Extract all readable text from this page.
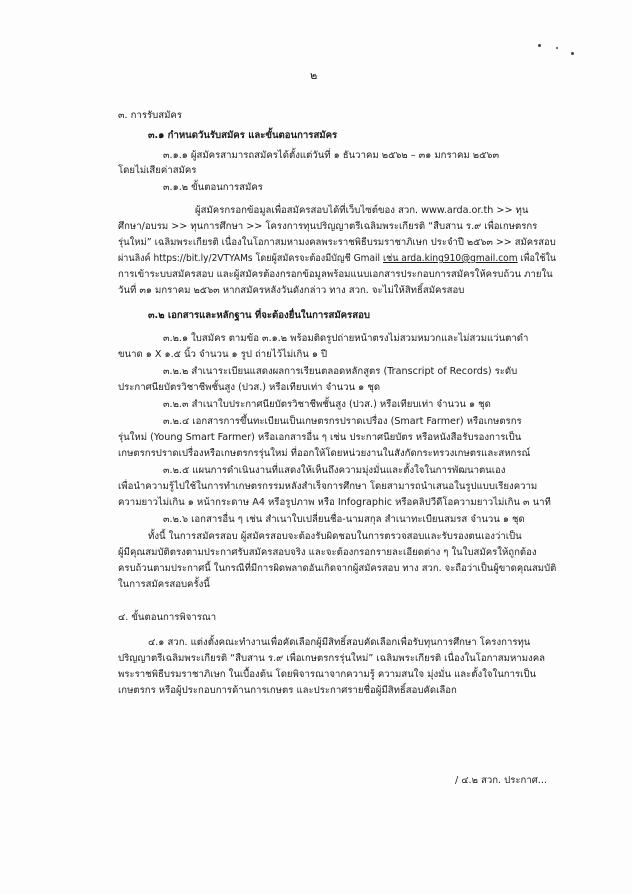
๒
๓. การรับสมัคร
๓.๑ กำหนดวันรับสมัคร และขั้นตอนการสมัคร
๓.๑.๑ ผู้สมัครสามารถสมัครได้ตั้งแต่วันที่ ๑ ธันวาคม ๒๕๖๒ – ๓๑ มกราคม ๒๕๖๓
โดยไม่เสียค่าสมัคร
๓.๑.๒ ขั้นตอนการสมัคร
ผู้สมัครกรอกข้อมูลเพื่อสมัครสอบได้ที่เว็บไซต์ของ สวก. www.arda.or.th >> ทุน
ศึกษา/อบรม >> ทุนการศึกษา >> โครงการทุนปริญญาตรีเฉลิมพระเกียรติ “สืบสาน ร.๙ เพื่อเกษตรกร
รุ่นใหม่” เฉลิมพระเกียรติ เนื่องในโอกาสมหามงคลพระราชพิธีบรมราชาภิเษก ประจำปี ๒๕๖๓ >> สมัครสอบ
ผ่านลิงค์ https://bit.ly/2VTYAMs โดยผู้สมัครจะต้องมีบัญชี Gmail เช่น arda.king910@gmail.com เพื่อใช้ใน
การเข้าระบบสมัครสอบ และผู้สมัครต้องกรอกข้อมูลพร้อมแนบเอกสารประกอบการสมัครให้ครบถ้วน ภายใน
วันที่ ๓๑ มกราคม ๒๕๖๓ หากสมัครหลังวันดังกล่าว ทาง สวก. จะไม่ให้สิทธิ์สมัครสอบ
๓.๒ เอกสารและหลักฐาน ที่จะต้องยื่นในการสมัครสอบ
๓.๒.๑ ใบสมัคร ตามข้อ ๓.๑.๒ พร้อมติดรูปถ่ายหน้าตรงไม่สวมหมวกและไม่สวมแว่นตาดำ
ขนาด ๑ X ๑.๕ นิ้ว จำนวน ๑ รูป ถ่ายไว้ไม่เกิน ๑ ปี
๓.๒.๒ สำเนาระเบียนแสดงผลการเรียนตลอดหลักสูตร (Transcript of Records) ระดับ
ประกาศนียบัตรวิชาชีพชั้นสูง (ปวส.) หรือเทียบเท่า จำนวน ๑ ชุด
๓.๒.๓ สำเนาใบประกาศนียบัตรวิชาชีพชั้นสูง (ปวส.) หรือเทียบเท่า จำนวน ๑ ชุด
๓.๒.๔ เอกสารการขึ้นทะเบียนเป็นเกษตรกรปราดเปรื่อง (Smart Farmer) หรือเกษตรกร
รุ่นใหม่ (Young Smart Farmer) หรือเอกสารอื่น ๆ เช่น ประกาศนียบัตร หรือหนังสือรับรองการเป็น
เกษตรกรปราดเปรื่องหรือเกษตรกรรุ่นใหม่ ที่ออกให้โดยหน่วยงานในสังกัดกระทรวงเกษตรและสหกรณ์
๓.๒.๕ แผนการดำเนินงานที่แสดงให้เห็นถึงความมุ่งมั่นและตั้งใจในการพัฒนาตนเอง
เพื่อนำความรู้ไปใช้ในการทำเกษตรกรรมหลังสำเร็จการศึกษา โดยสามารถนำเสนอในรูปแบบเรียงความ
ความยาวไม่เกิน ๑ หน้ากระดาษ A4 หรือรูปภาพ หรือ Infographic หรือคลิปวีดีโอความยาวไม่เกิน ๓ นาที
๓.๒.๖ เอกสารอื่น ๆ เช่น สำเนาใบเปลี่ยนชื่อ-นามสกุล สำเนาทะเบียนสมรส จำนวน ๑ ชุด
ทั้งนี้ ในการสมัครสอบ ผู้สมัครสอบจะต้องรับผิดชอบในการตรวจสอบและรับรองตนเองว่าเป็น
ผู้มีคุณสมบัติตรงตามประกาศรับสมัครสอบจริง และจะต้องกรอกรายละเอียดต่าง ๆ ในใบสมัครให้ถูกต้อง
ครบถ้วนตามประกาศนี้ ในกรณีที่มีการผิดพลาดอันเกิดจากผู้สมัครสอบ ทาง สวก. จะถือว่าเป็นผู้ขาดคุณสมบัติ
ในการสมัครสอบครั้งนี้
๔. ขั้นตอนการพิจารณา
๔.๑ สวก. แต่งตั้งคณะทำงานเพื่อคัดเลือกผู้มีสิทธิ์สอบคัดเลือกเพื่อรับทุนการศึกษา โครงการทุน
ปริญญาตรีเฉลิมพระเกียรติ “สืบสาน ร.๙ เพื่อเกษตรกรรุ่นใหม่” เฉลิมพระเกียรติ เนื่องในโอกาสมหามงคล
พระราชพิธีบรมราชาภิเษก ในเบื้องต้น โดยพิจารณาจากความรู้ ความสนใจ มุ่งมั่น และตั้งใจในการเป็น
เกษตรกร หรือผู้ประกอบการด้านการเกษตร และประกาศรายชื่อผู้มีสิทธิ์สอบคัดเลือก
/ ๔.๒ สวก. ประกาศ...
